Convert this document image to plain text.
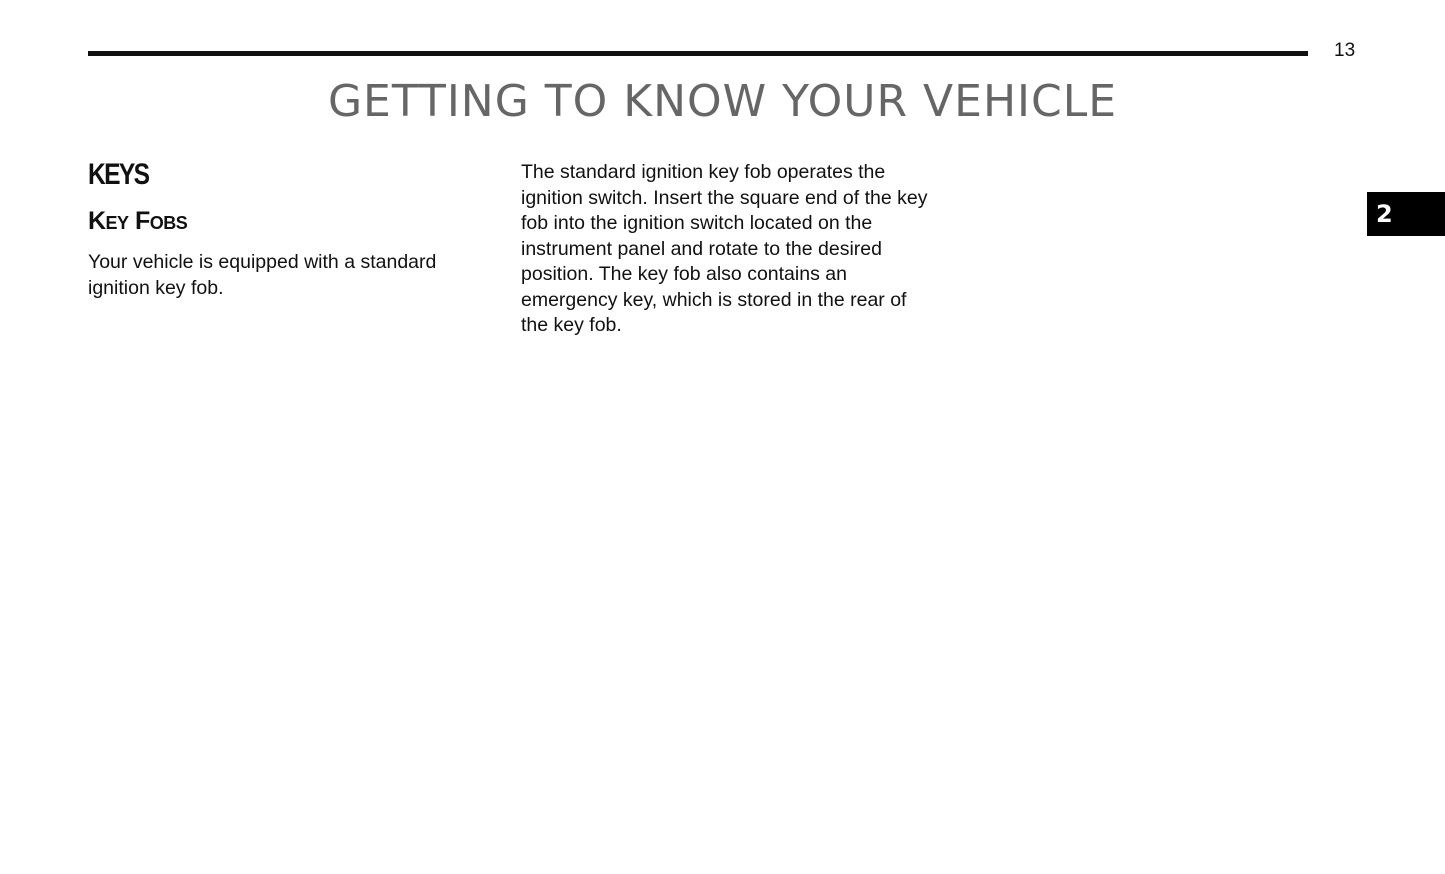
13
GETTING TO KNOW YOUR VEHICLE
KEYS
Key Fobs

Your vehicle is equipped with a standard ignition key fob.

The standard ignition key fob operates the ignition switch. Insert the square end of the key fob into the ignition switch located on the instrument panel and rotate to the desired position. The key fob also contains an emergency key, which is stored in the rear of the key fob.

2
